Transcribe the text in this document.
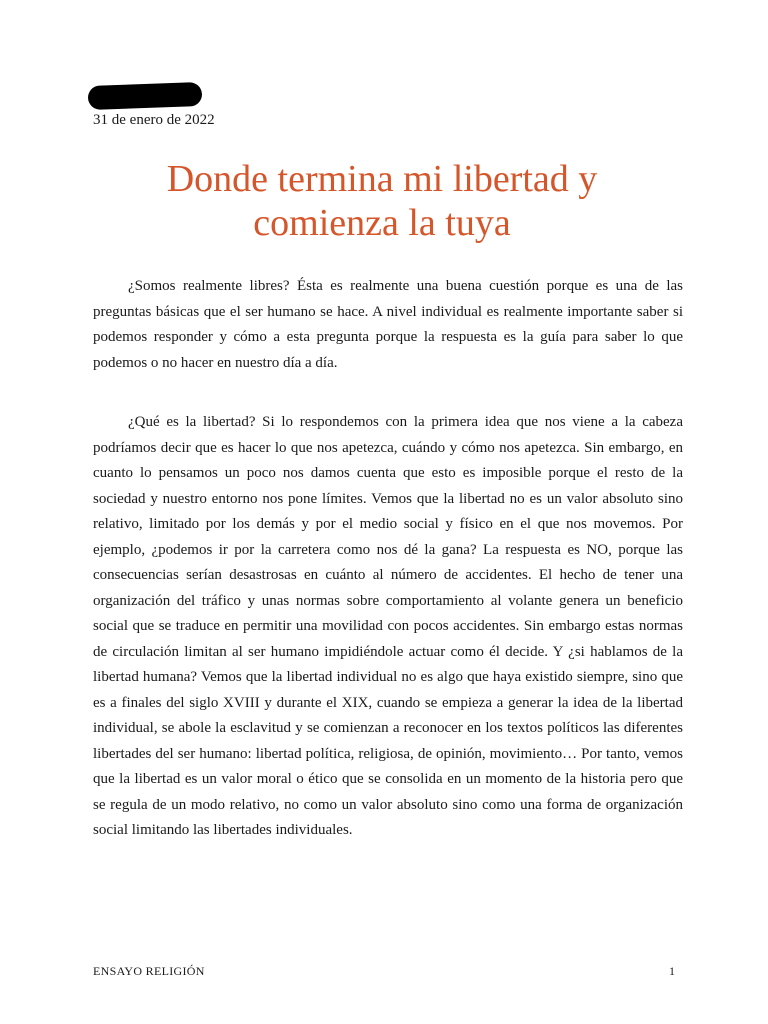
31 de enero de 2022
Donde termina mi libertad y comienza la tuya

¿Somos realmente libres? Ésta es realmente una buena cuestión porque es una de las preguntas básicas que el ser humano se hace. A nivel individual es realmente importante saber si podemos responder y cómo a esta pregunta porque la respuesta es la guía para saber lo que podemos o no hacer en nuestro día a día.

¿Qué es la libertad? Si lo respondemos con la primera idea que nos viene a la cabeza podríamos decir que es hacer lo que nos apetezca, cuándo y cómo nos apetezca. Sin embargo, en cuanto lo pensamos un poco nos damos cuenta que esto es imposible porque el resto de la sociedad y nuestro entorno nos pone límites. Vemos que la libertad no es un valor absoluto sino relativo, limitado por los demás y por el medio social y físico en el que nos movemos. Por ejemplo, ¿podemos ir por la carretera como nos dé la gana? La respuesta es NO, porque las consecuencias serían desastrosas en cuánto al número de accidentes. El hecho de tener una organización del tráfico y unas normas sobre comportamiento al volante genera un beneficio social que se traduce en permitir una movilidad con pocos accidentes. Sin embargo estas normas de circulación limitan al ser humano impidiéndole actuar como él decide. Y ¿si hablamos de la libertad humana? Vemos que la libertad individual no es algo que haya existido siempre, sino que es a finales del siglo XVIII y durante el XIX, cuando se empieza a generar la idea de la libertad individual, se abole la esclavitud y se comienzan a reconocer en los textos políticos las diferentes libertades del ser humano: libertad política, religiosa, de opinión, movimiento… Por tanto, vemos que la libertad es un valor moral o ético que se consolida en un momento de la historia pero que se regula de un modo relativo, no como un valor absoluto sino como una forma de organización social limitando las libertades individuales.

ENSAYO RELIGIÓN	1
